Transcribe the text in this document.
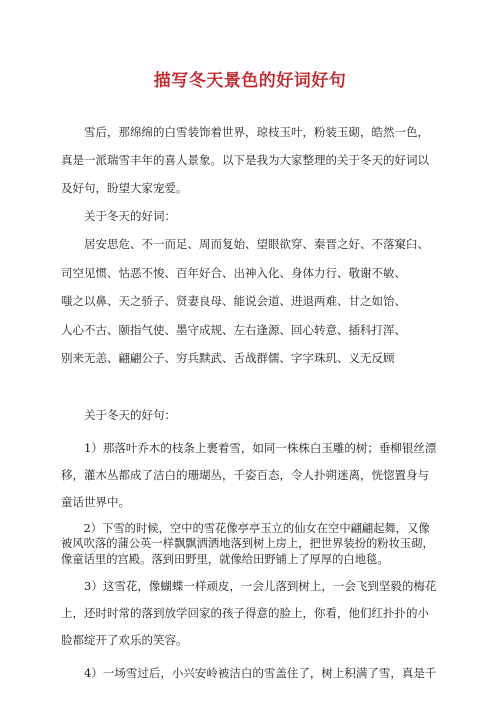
描写冬天景色的好词好句

雪后，那绵绵的白雪装饰着世界，琼枝玉叶，粉装玉砌，皓然一色，真是一派瑞雪丰年的喜人景象。以下是我为大家整理的关于冬天的好词以及好句，盼望大家宠爱。

关于冬天的好词：

居安思危、不一而足、周而复始、望眼欲穿、秦晋之好、不落窠臼、

司空见惯、怙恶不悛、百年好合、出神入化、身体力行、敬谢不敏、

嗤之以鼻、天之骄子、贤妻良母、能说会道、进退两难、甘之如饴、

人心不古、颐指气使、墨守成规、左右逢源、回心转意、插科打浑、

别来无恙、翩翩公子、穷兵黩武、舌战群儒、字字珠玑、义无反顾

关于冬天的好句：

1）那落叶乔木的枝条上裹着雪，如同一株株白玉雕的树；垂柳银丝漂移，灌木丛都成了洁白的珊瑚丛，千姿百态，令人扑朔迷离，恍惚置身与童话世界中。

2）下雪的时候，空中的雪花像亭亭玉立的仙女在空中翩翩起舞，又像被风吹落的蒲公英一样飘飘洒洒地落到树上房上，把世界装扮的粉妆玉砌，像童话里的宫殿。落到田野里，就像给田野铺上了厚厚的白地毯。

3）这雪花，像蝴蝶一样顽皮，一会儿落到树上，一会飞到坚毅的梅花上，还时时常的落到放学回家的孩子得意的脸上，你看，他们红扑扑的小脸都绽开了欢乐的笑容。

4）一场雪过后，小兴安岭被洁白的雪盖住了，树上积满了雪，真是千
